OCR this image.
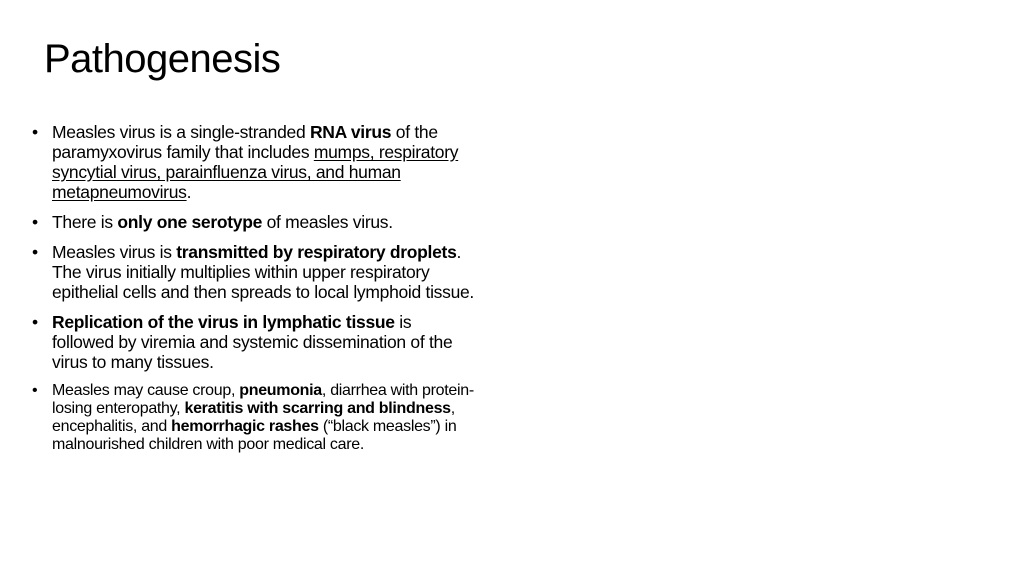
Pathogenesis
• Measles virus is a single-stranded RNA virus of the paramyxovirus family that includes mumps, respiratory syncytial virus, parainfluenza virus, and human metapneumovirus.
• There is only one serotype of measles virus.
• Measles virus is transmitted by respiratory droplets. The virus initially multiplies within upper respiratory epithelial cells and then spreads to local lymphoid tissue.
• Replication of the virus in lymphatic tissue is followed by viremia and systemic dissemination of the virus to many tissues.
• Measles may cause croup, pneumonia, diarrhea with protein-losing enteropathy, keratitis with scarring and blindness, encephalitis, and hemorrhagic rashes (“black measles”) in malnourished children with poor medical care.
